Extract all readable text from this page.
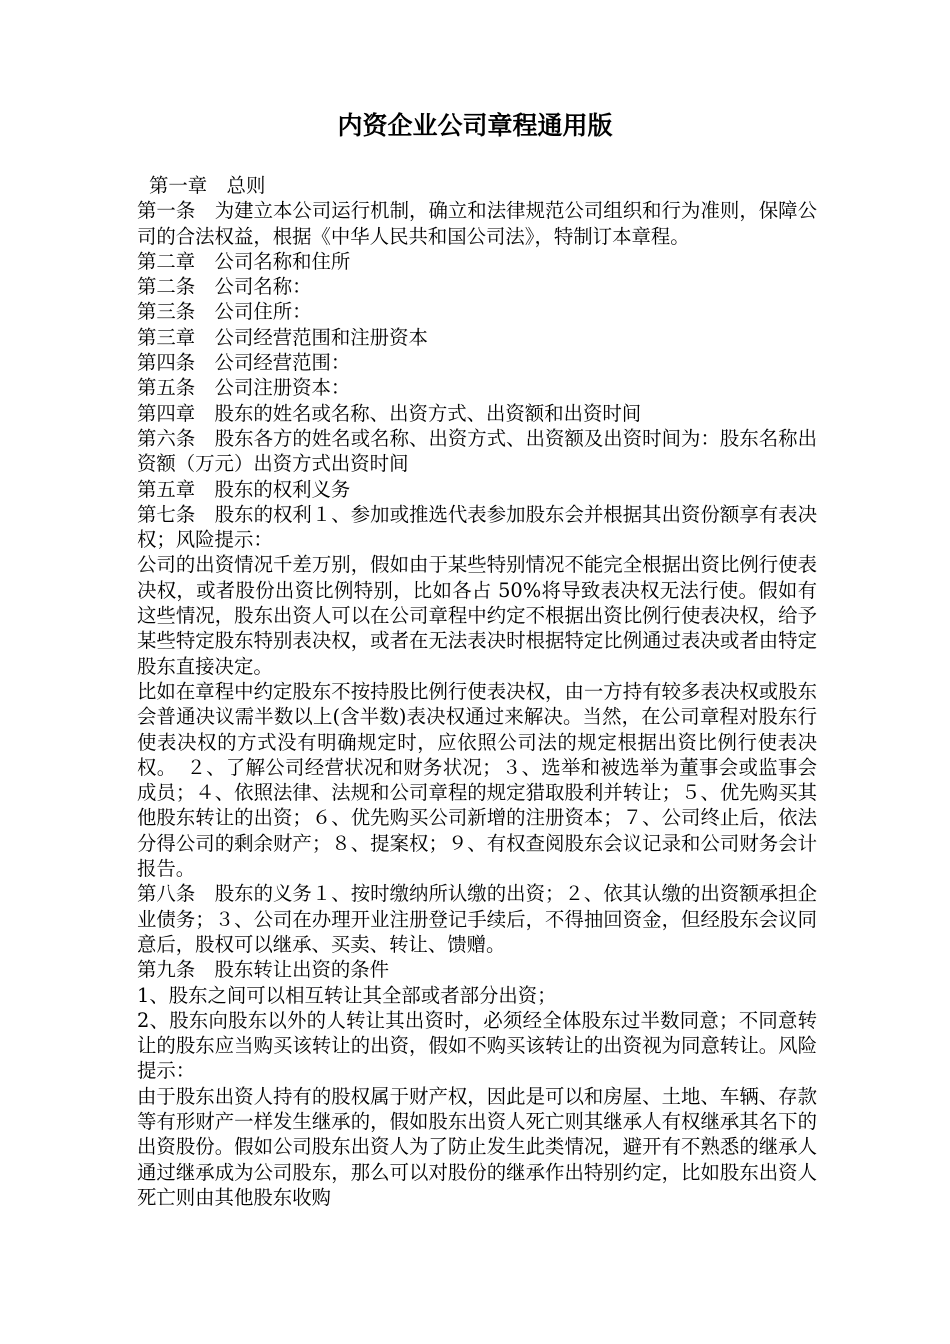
内资企业公司章程通用版

第一章　总则

第一条　为建立本公司运行机制，确立和法律规范公司组织和行为准则，保障公司的合法权益，根据《中华人民共和国公司法》，特制订本章程。

第二章　公司名称和住所

第二条　公司名称：

第三条　公司住所：

第三章　公司经营范围和注册资本

第四条　公司经营范围：

第五条　公司注册资本：

第四章　股东的姓名或名称、出资方式、出资额和出资时间

第六条　股东各方的姓名或名称、出资方式、出资额及出资时间为：股东名称出资额（万元）出资方式出资时间

第五章　股东的权利义务

第七条　股东的权利１、参加或推选代表参加股东会并根据其出资份额享有表决权；风险提示：

公司的出资情况千差万别，假如由于某些特别情况不能完全根据出资比例行使表决权，或者股份出资比例特别，比如各占 50%将导致表决权无法行使。假如有这些情况，股东出资人可以在公司章程中约定不根据出资比例行使表决权，给予某些特定股东特别表决权，或者在无法表决时根据特定比例通过表决或者由特定股东直接决定。

比如在章程中约定股东不按持股比例行使表决权，由一方持有较多表决权或股东会普通决议需半数以上(含半数)表决权通过来解决。当然，在公司章程对股东行使表决权的方式没有明确规定时，应依照公司法的规定根据出资比例行使表决权。　２、了解公司经营状况和财务状况；３、选举和被选举为董事会或监事会成员；４、依照法律、法规和公司章程的规定猎取股利并转让；５、优先购买其他股东转让的出资；６、优先购买公司新增的注册资本；７、公司终止后，依法分得公司的剩余财产；８、提案权；９、有权查阅股东会议记录和公司财务会计报告。

第八条　股东的义务１、按时缴纳所认缴的出资；２、依其认缴的出资额承担企业债务；３、公司在办理开业注册登记手续后，不得抽回资金，但经股东会议同意后，股权可以继承、买卖、转让、馈赠。

第九条　股东转让出资的条件

1、股东之间可以相互转让其全部或者部分出资；

2、股东向股东以外的人转让其出资时，必须经全体股东过半数同意；不同意转让的股东应当购买该转让的出资，假如不购买该转让的出资视为同意转让。风险提示：

由于股东出资人持有的股权属于财产权，因此是可以和房屋、土地、车辆、存款等有形财产一样发生继承的，假如股东出资人死亡则其继承人有权继承其名下的出资股份。假如公司股东出资人为了防止发生此类情况，避开有不熟悉的继承人通过继承成为公司股东，那么可以对股份的继承作出特别约定，比如股东出资人死亡则由其他股东收购
